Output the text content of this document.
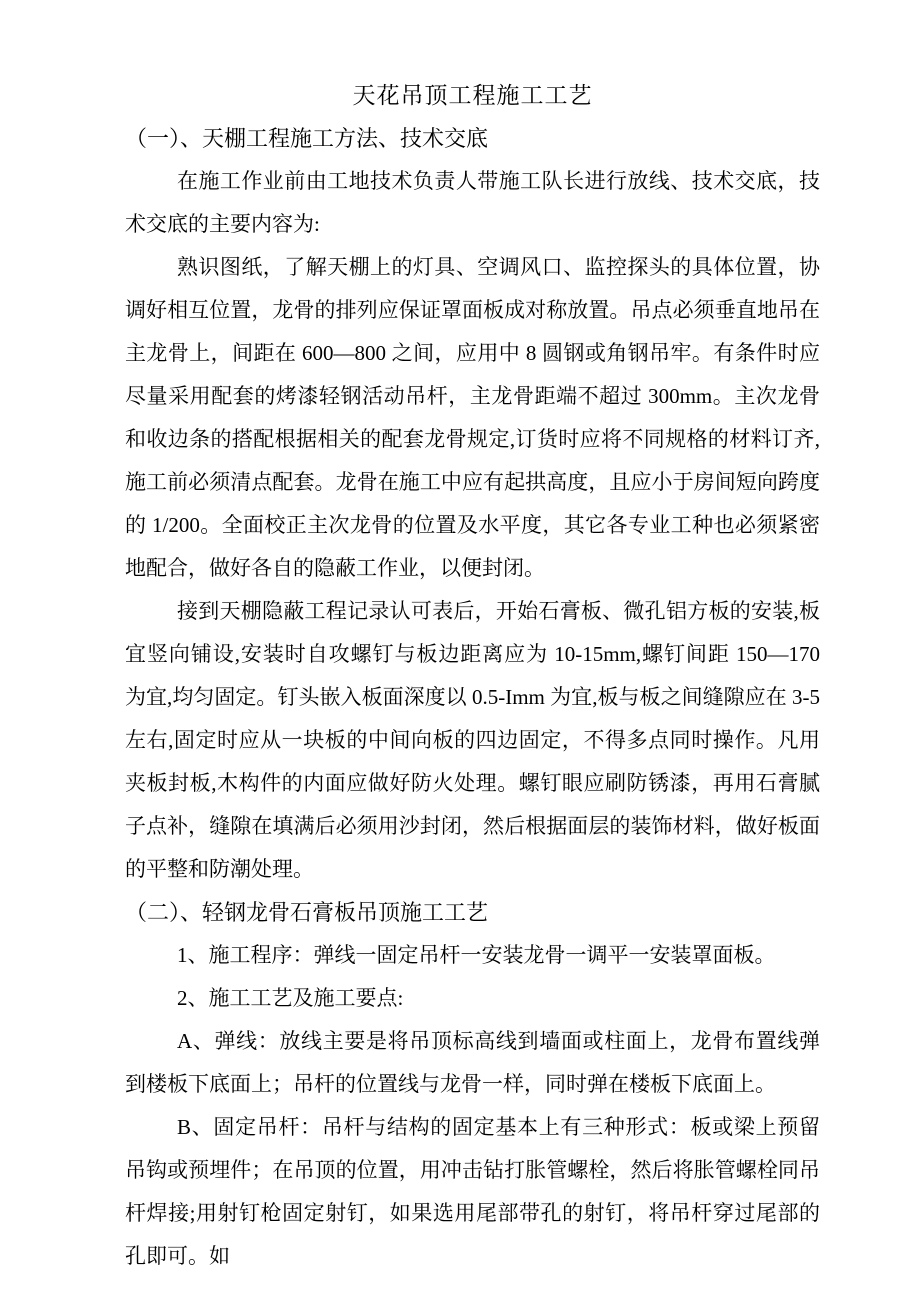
天花吊顶工程施工工艺

（一）、天棚工程施工方法、技术交底

在施工作业前由工地技术负责人带施工队长进行放线、技术交底，技术交底的主要内容为:

熟识图纸，了解天棚上的灯具、空调风口、监控探头的具体位置，协调好相互位置，龙骨的排列应保证罩面板成对称放置。吊点必须垂直地吊在主龙骨上，间距在 600—800 之间，应用中 8 圆钢或角钢吊牢。有条件时应尽量采用配套的烤漆轻钢活动吊杆，主龙骨距端不超过 300mm。主次龙骨和收边条的搭配根据相关的配套龙骨规定,订货时应将不同规格的材料订齐,施工前必须清点配套。龙骨在施工中应有起拱高度，且应小于房间短向跨度的 1/200。全面校正主次龙骨的位置及水平度，其它各专业工种也必须紧密地配合，做好各自的隐蔽工作业，以便封闭。

接到天棚隐蔽工程记录认可表后，开始石膏板、微孔铝方板的安装,板宜竖向铺设,安装时自攻螺钉与板边距离应为 10-15mm,螺钉间距 150—170 为宜,均匀固定。钉头嵌入板面深度以 0.5-Imm 为宜,板与板之间缝隙应在 3-5 左右,固定时应从一块板的中间向板的四边固定，不得多点同时操作。凡用夹板封板,木构件的内面应做好防火处理。螺钉眼应刷防锈漆，再用石膏腻子点补，缝隙在填满后必须用沙封闭，然后根据面层的装饰材料，做好板面的平整和防潮处理。

（二）、轻钢龙骨石膏板吊顶施工工艺

1、施工程序：弹线一固定吊杆一安装龙骨一调平一安装罩面板。

2、施工工艺及施工要点:

A、弹线：放线主要是将吊顶标高线到墙面或柱面上，龙骨布置线弹到楼板下底面上；吊杆的位置线与龙骨一样，同时弹在楼板下底面上。

B、固定吊杆：吊杆与结构的固定基本上有三种形式：板或梁上预留吊钩或预埋件；在吊顶的位置，用冲击钻打胀管螺栓，然后将胀管螺栓同吊杆焊接;用射钉枪固定射钉，如果选用尾部带孔的射钉，将吊杆穿过尾部的孔即可。如
